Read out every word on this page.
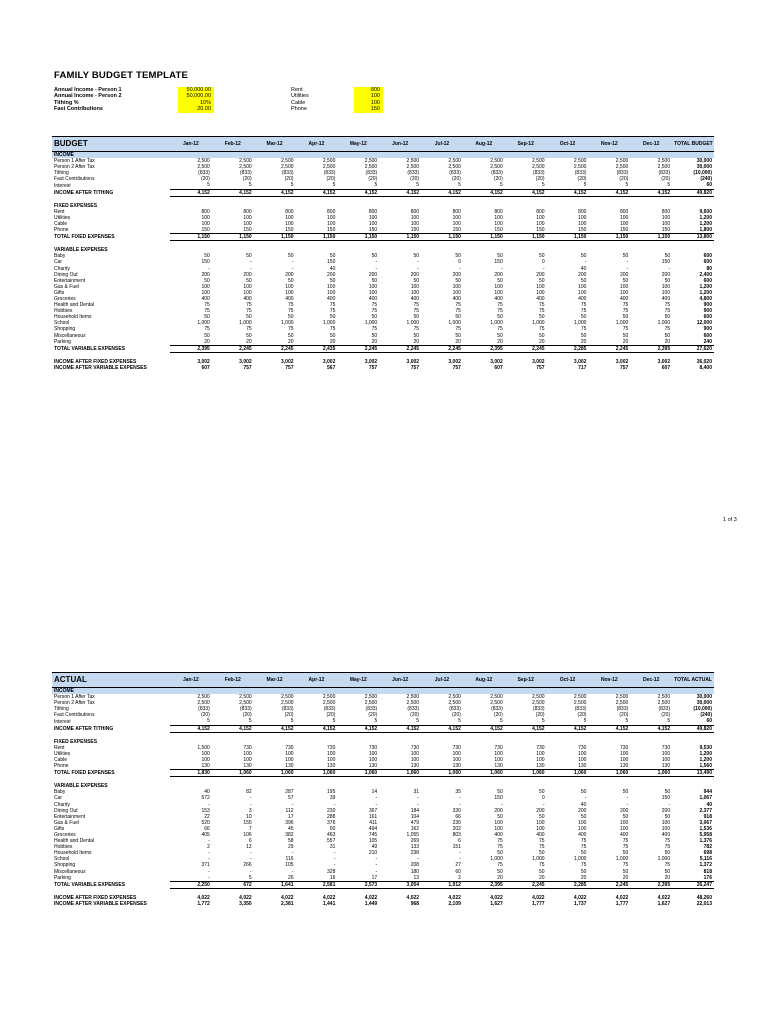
FAMILY BUDGET TEMPLATE
Annual Income - Person 1	50,000.00
Annual Income - Person 2	50,000.00
Tithing %	10%
Fast Contributions	20.00
Rent	800
Utilities	100
Cable	100
Phone	150
BUDGET	Jan-12	Feb-12	Mar-12	Apr-12	May-12	Jun-12	Jul-12	Aug-12	Sep-12	Oct-12	Nov-12	Dec-12	TOTAL BUDGET
INCOME													
Person 1 After Tax	2,500	2,500	2,500	2,500	2,500	2,500	2,500	2,500	2,500	2,500	2,500	2,500	30,000
Person 2 After Tax	2,500	2,500	2,500	2,500	2,500	2,500	2,500	2,500	2,500	2,500	2,500	2,500	30,000
Tithing	(833)	(833)	(833)	(833)	(833)	(833)	(833)	(833)	(833)	(833)	(833)	(833)	(10,000)
Fast Contributions	(20)	(20)	(20)	(20)	(20)	(20)	(20)	(20)	(20)	(20)	(20)	(20)	(240)
Interest	5	5	5	5	5	5	5	5	5	5	5	5	60
INCOME AFTER TITHING	4,152	4,152	4,152	4,152	4,152	4,152	4,152	4,152	4,152	4,152	4,152	4,152	49,820

FIXED EXPENSES													
Rent	800	800	800	800	800	800	800	800	800	800	800	800	9,600
Utilities	100	100	100	100	100	100	100	100	100	100	100	100	1,200
Cable	100	100	100	100	100	100	100	100	100	100	100	100	1,200
Phone	150	150	150	150	150	150	150	150	150	150	150	150	1,800
TOTAL FIXED EXPENSES	1,150	1,150	1,150	1,150	1,150	1,150	1,150	1,150	1,150	1,150	1,150	1,150	13,800

VARIABLE EXPENSES													
Baby	50	50	50	50	50	50	50	50	50	50	50	50	600
Car	150	-	-	150	-	-	0	150	0	-	-	150	600
Charity	-	-	-	40	-	-	-	-	-	40	-	-	80
Dining Out	200	200	200	200	200	200	200	200	200	200	200	200	2,400
Entertainment	50	50	50	50	50	50	50	50	50	50	50	50	600
Gas & Fuel	100	100	100	100	100	100	100	100	100	100	100	100	1,200
Gifts	100	100	100	100	100	100	100	100	100	100	100	100	1,200
Groceries	400	400	400	400	400	400	400	400	400	400	400	400	4,800
Health and Dental	75	75	75	75	75	75	75	75	75	75	75	75	900
Hobbies	75	75	75	75	75	75	75	75	75	75	75	75	900
Household Items	50	50	50	50	50	50	50	50	50	50	50	50	600
School	1,000	1,000	1,000	1,000	1,000	1,000	1,000	1,000	1,000	1,000	1,000	1,000	12,000
Shopping	75	75	75	75	75	75	75	75	75	75	75	75	900
Miscellaneous	50	50	50	50	50	50	50	50	50	50	50	50	600
Parking	20	20	20	20	20	20	20	20	20	20	20	20	240
TOTAL VARIABLE EXPENSES	2,395	2,245	2,245	2,435	2,245	2,245	2,245	2,395	2,245	2,285	2,245	2,395	27,620

INCOME AFTER FIXED EXPENSES	3,002	3,002	3,002	3,002	3,002	3,002	3,002	3,002	3,002	3,002	3,002	3,002	36,020
INCOME AFTER VARIABLE EXPENSES	607	757	757	567	757	757	757	607	757	717	757	607	8,400
1 of 3
ACTUAL	Jan-12	Feb-12	Mar-12	Apr-12	May-12	Jun-12	Jul-12	Aug-12	Sep-12	Oct-12	Nov-12	Dec-12	TOTAL ACTUAL
INCOME													
Person 1 After Tax	2,500	2,500	2,500	2,500	2,500	2,500	2,500	2,500	2,500	2,500	2,500	2,500	30,000
Person 2 After Tax	2,500	2,500	2,500	2,500	2,500	2,500	2,500	2,500	2,500	2,500	2,500	2,500	30,000
Tithing	(833)	(833)	(833)	(833)	(833)	(833)	(833)	(833)	(833)	(833)	(833)	(833)	(10,000)
Fast Contributions	(20)	(20)	(20)	(20)	(20)	(20)	(20)	(20)	(20)	(20)	(20)	(20)	(240)
Interest	5	5	5	5	5	5	5	5	5	5	5	5	60
INCOME AFTER TITHING	4,152	4,152	4,152	4,152	4,152	4,152	4,152	4,152	4,152	4,152	4,152	4,152	49,820

FIXED EXPENSES													
Rent	1,500	730	730	730	730	730	730	730	730	730	730	730	9,530
Utilities	100	100	100	100	100	100	100	100	100	100	100	100	1,200
Cable	100	100	100	100	100	100	100	100	100	100	100	100	1,200
Phone	130	130	130	130	130	130	130	130	130	130	130	130	1,560
TOTAL FIXED EXPENSES	1,830	1,060	1,060	1,060	1,060	1,060	1,060	1,060	1,060	1,060	1,060	1,060	13,490

VARIABLE EXPENSES													
Baby	40	82	287	195	14	31	35	50	50	50	50	50	944
Car	672	-	57	39	-	-	-	150	0	-	-	150	1,067
Charity	-	-	-	-	-	-	-	-	-	40	-	-	40
Dining Out	153	3	112	230	367	184	330	200	200	200	200	200	2,377
Entertainment	22	10	17	288	161	104	66	50	50	50	50	50	918
Gas & Fuel	520	155	396	376	411	479	230	100	100	100	100	100	3,067
Gifts	66	7	45	60	494	162	202	100	100	100	100	100	1,536
Groceries	405	106	382	463	745	1,055	803	400	400	400	400	400	5,958
Health and Dental	-	6	58	557	105	269	6	75	75	75	75	75	1,376
Hobbies	2	12	29	31	49	133	151	75	75	75	75	75	782
Household Items	-	-	-	-	210	238	-	50	50	50	50	50	698
School	-	-	116	-	-	-	-	1,000	1,000	1,000	1,000	1,000	5,116
Shopping	371	266	105	-	-	208	27	75	75	75	75	75	1,372
Miscellaneous	-	-	-	328	-	180	60	50	50	50	50	50	818
Parking	-	5	26	16	17	13	2	20	20	20	20	20	176
TOTAL VARIABLE EXPENSES	2,250	672	1,641	2,581	2,573	3,054	1,912	2,395	2,245	2,285	2,245	2,395	26,247

INCOME AFTER FIXED EXPENSES	4,022	4,022	4,022	4,022	4,022	4,022	4,022	4,022	4,022	4,022	4,022	4,022	48,260
INCOME AFTER VARIABLE EXPENSES	1,772	3,350	2,381	1,441	1,449	968	2,109	1,627	1,777	1,737	1,777	1,627	22,013
